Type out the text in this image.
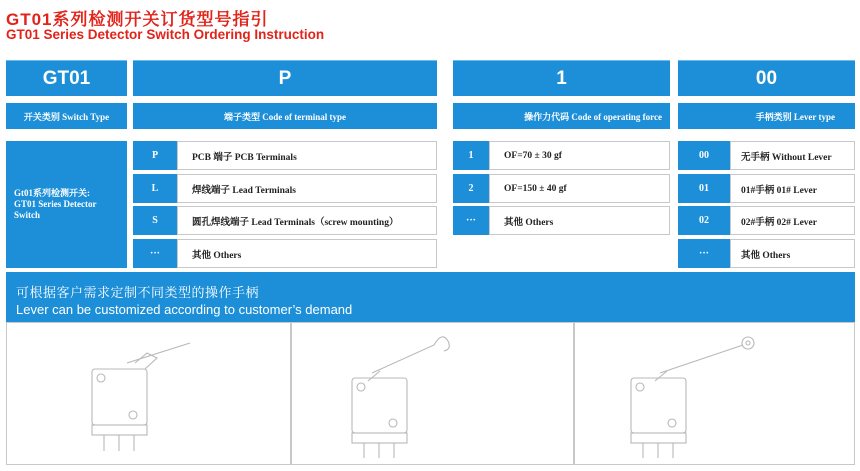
GT01系列检测开关订货型号指引
GT01 Series Detector Switch Ordering Instruction
GT01	P	1	00
开关类别 Switch Type	端子类型 Code of terminal type	操作力代码 Code of operating force	手柄类别 Lever type
Gt01系列检测开关:
GT01 Series Detector
Switch
P	PCB 端子 PCB Terminals
L	焊线端子 Lead Terminals
S	圆孔焊线端子 Lead Terminals（screw mounting）
···	其他 Others
1	OF=70 ± 30 gf
2	OF=150 ± 40 gf
···	其他 Others
00	无手柄 Without Lever
01	01#手柄 01# Lever
02	02#手柄 02# Lever
···	其他 Others
可根据客户需求定制不同类型的操作手柄
Lever can be customized according to customer’s demand
